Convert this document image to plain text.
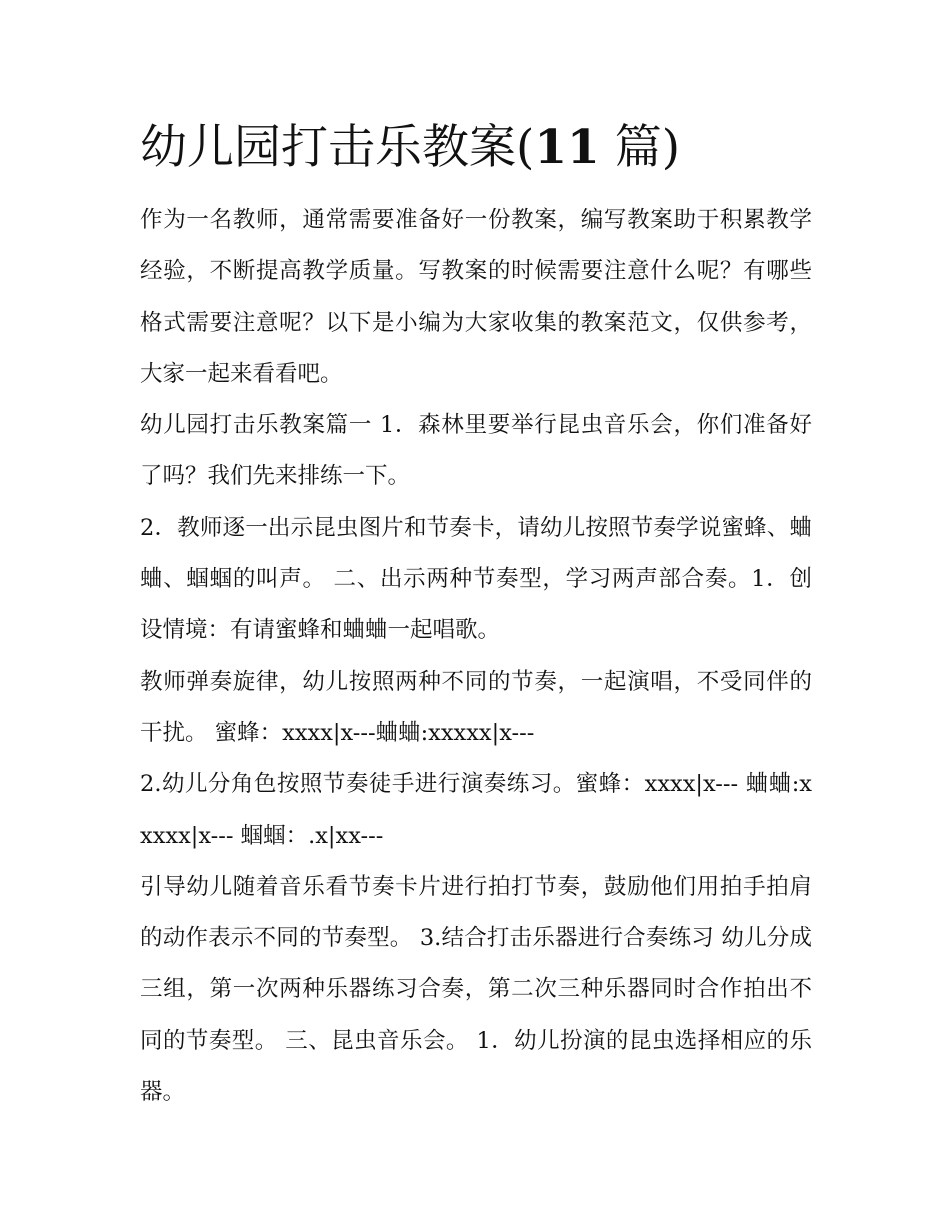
幼儿园打击乐教案(11 篇)

作为一名教师，通常需要准备好一份教案，编写教案助于积累教学经验，不断提高教学质量。写教案的时候需要注意什么呢？有哪些格式需要注意呢？以下是小编为大家收集的教案范文，仅供参考，大家一起来看看吧。

幼儿园打击乐教案篇一 1．森林里要举行昆虫音乐会，你们准备好了吗？我们先来排练一下。

2．教师逐一出示昆虫图片和节奏卡，请幼儿按照节奏学说蜜蜂、蛐蛐、蝈蝈的叫声。 二、出示两种节奏型，学习两声部合奏。1．创设情境：有请蜜蜂和蛐蛐一起唱歌。

教师弹奏旋律，幼儿按照两种不同的节奏，一起演唱，不受同伴的干扰。 蜜蜂：xxxx|x---蛐蛐:xxxxx|x---

2.幼儿分角色按照节奏徒手进行演奏练习。蜜蜂：xxxx|x--- 蛐蛐:xxxxx|x--- 蝈蝈：.x|xx---

引导幼儿随着音乐看节奏卡片进行拍打节奏，鼓励他们用拍手拍肩的动作表示不同的节奏型。 3.结合打击乐器进行合奏练习 幼儿分成三组，第一次两种乐器练习合奏，第二次三种乐器同时合作拍出不同的节奏型。 三、昆虫音乐会。 1．幼儿扮演的昆虫选择相应的乐器。
